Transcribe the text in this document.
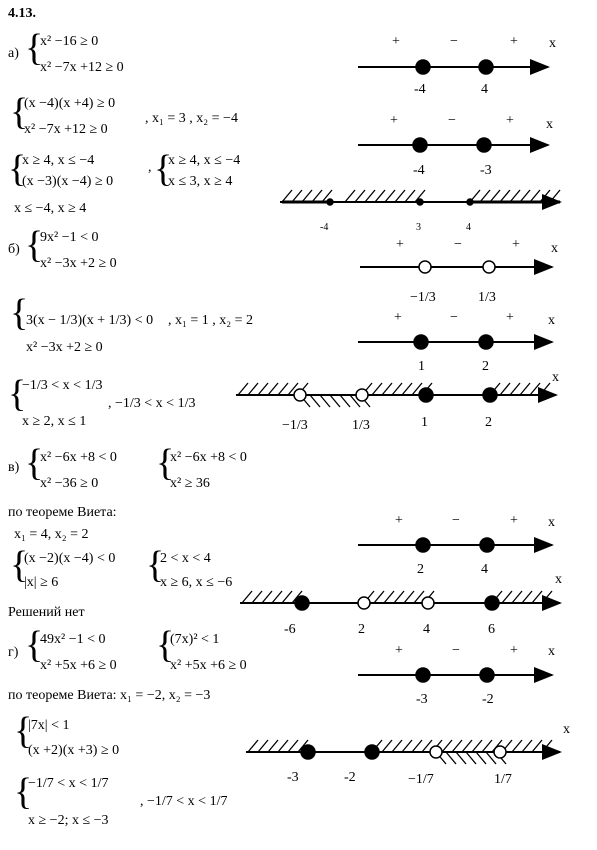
4.13.
а) {
x² −16 ≥ 0
x² −7x +12 ≥ 0
{
(x −4)(x +4) ≥ 0
x² −7x +12 ≥ 0
, x₁ = 3 , x₂ = −4
{
x ≥ 4, x ≤ −4
(x −3)(x −4) ≥ 0
, {
x ≥ 4, x ≤ −4
x ≤ 3, x ≥ 4
x ≤ −4, x ≥ 4
б) {
9x² −1 < 0
x² −3x +2 ≥ 0
{
3(x − 1/3)(x + 1/3) < 0
x² −3x +2 ≥ 0
, x₁ = 1 , x₂ = 2
{
−1/3 < x < 1/3
x ≥ 2, x ≤ 1
, −1/3 < x < 1/3
в) {
x² −6x +8 < 0
x² −36 ≥ 0 {
x² −6x +8 < 0
x² ≥ 36
по теореме Виета:
x₁ = 4, x₂ = 2
{
(x −2)(x −4) < 0
|x| ≥ 6 {
2 < x < 4
x ≥ 6, x ≤ −6
Решений нет
г) {
49x² −1 < 0
x² +5x +6 ≥ 0 {
(7x)² < 1
x² +5x +6 ≥ 0
по теореме Виета: x₁ = −2, x₂ = −3
{
|7x| < 1
(x +2)(x +3) ≥ 0
{
−1/7 < x < 1/7
x ≥ −2; x ≤ −3
, −1/7 < x < 1/7
-4	4
-4	-3
-4	3	4
−1/3	1/3
1	2
−1/3	1/3	1	2
2	4
-6	2	4	6
-3	-2
-3	-2	−1/7	1/7
x
x
x
x
x
x
x
x
x
+	−	+
+	−	+
+	−	+
+	−	+
+	−	+
+	−	+
